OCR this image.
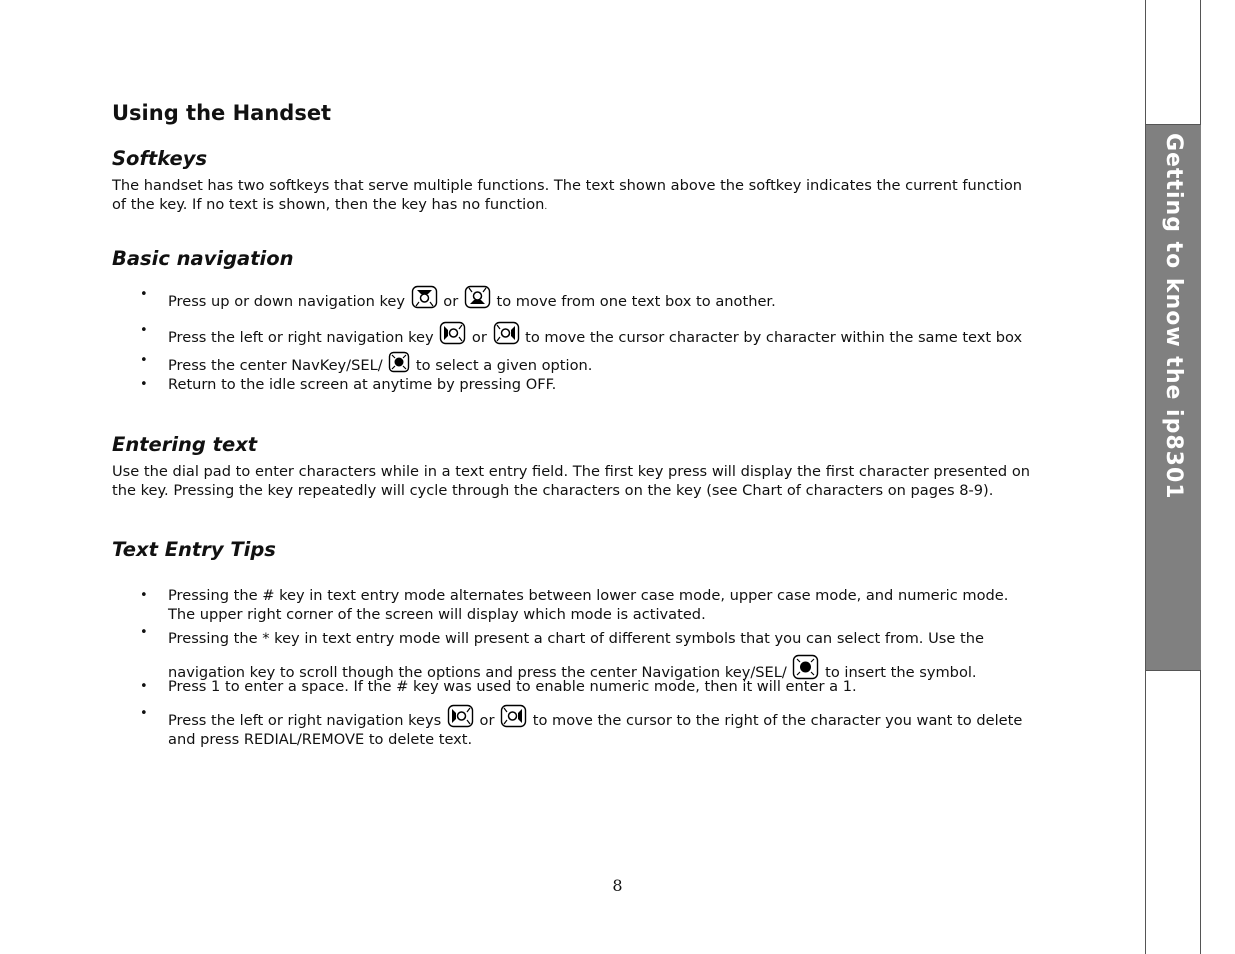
Using the Handset
Softkeys

The handset has two softkeys that serve multiple functions. The text shown above the softkey indicates the current function of the key. If no text is shown, then the key has no function.

Basic navigation
• Press up or down navigation key	or	to move from one text box to another.
• Press the left or right navigation key	or	to move the cursor character by character within the same text box
• Press the center NavKey/SEL/ to select a given option.
• Return to the idle screen at anytime by pressing OFF.
Entering text

Use the dial pad to enter characters while in a text entry field. The first key press will display the first character presented on the key. Pressing the key repeatedly will cycle through the characters on the key (see Chart of characters on pages 8-9).

Text Entry Tips
• Pressing the # key in text entry mode alternates between lower case mode, upper case mode, and numeric mode. The upper right corner of the screen will display which mode is activated.
• Pressing the * key in text entry mode will present a chart of different symbols that you can select from. Use the navigation key to scroll though the options and press the center Navigation key/SEL/	to insert the symbol.
• Press 1 to enter a space. If the # key was used to enable numeric mode, then it will enter a 1.
• Press the left or right navigation keys	or	to move the cursor to the right of the character you want to delete and press REDIAL/REMOVE to delete text.
8
Getting to know the ip8301
